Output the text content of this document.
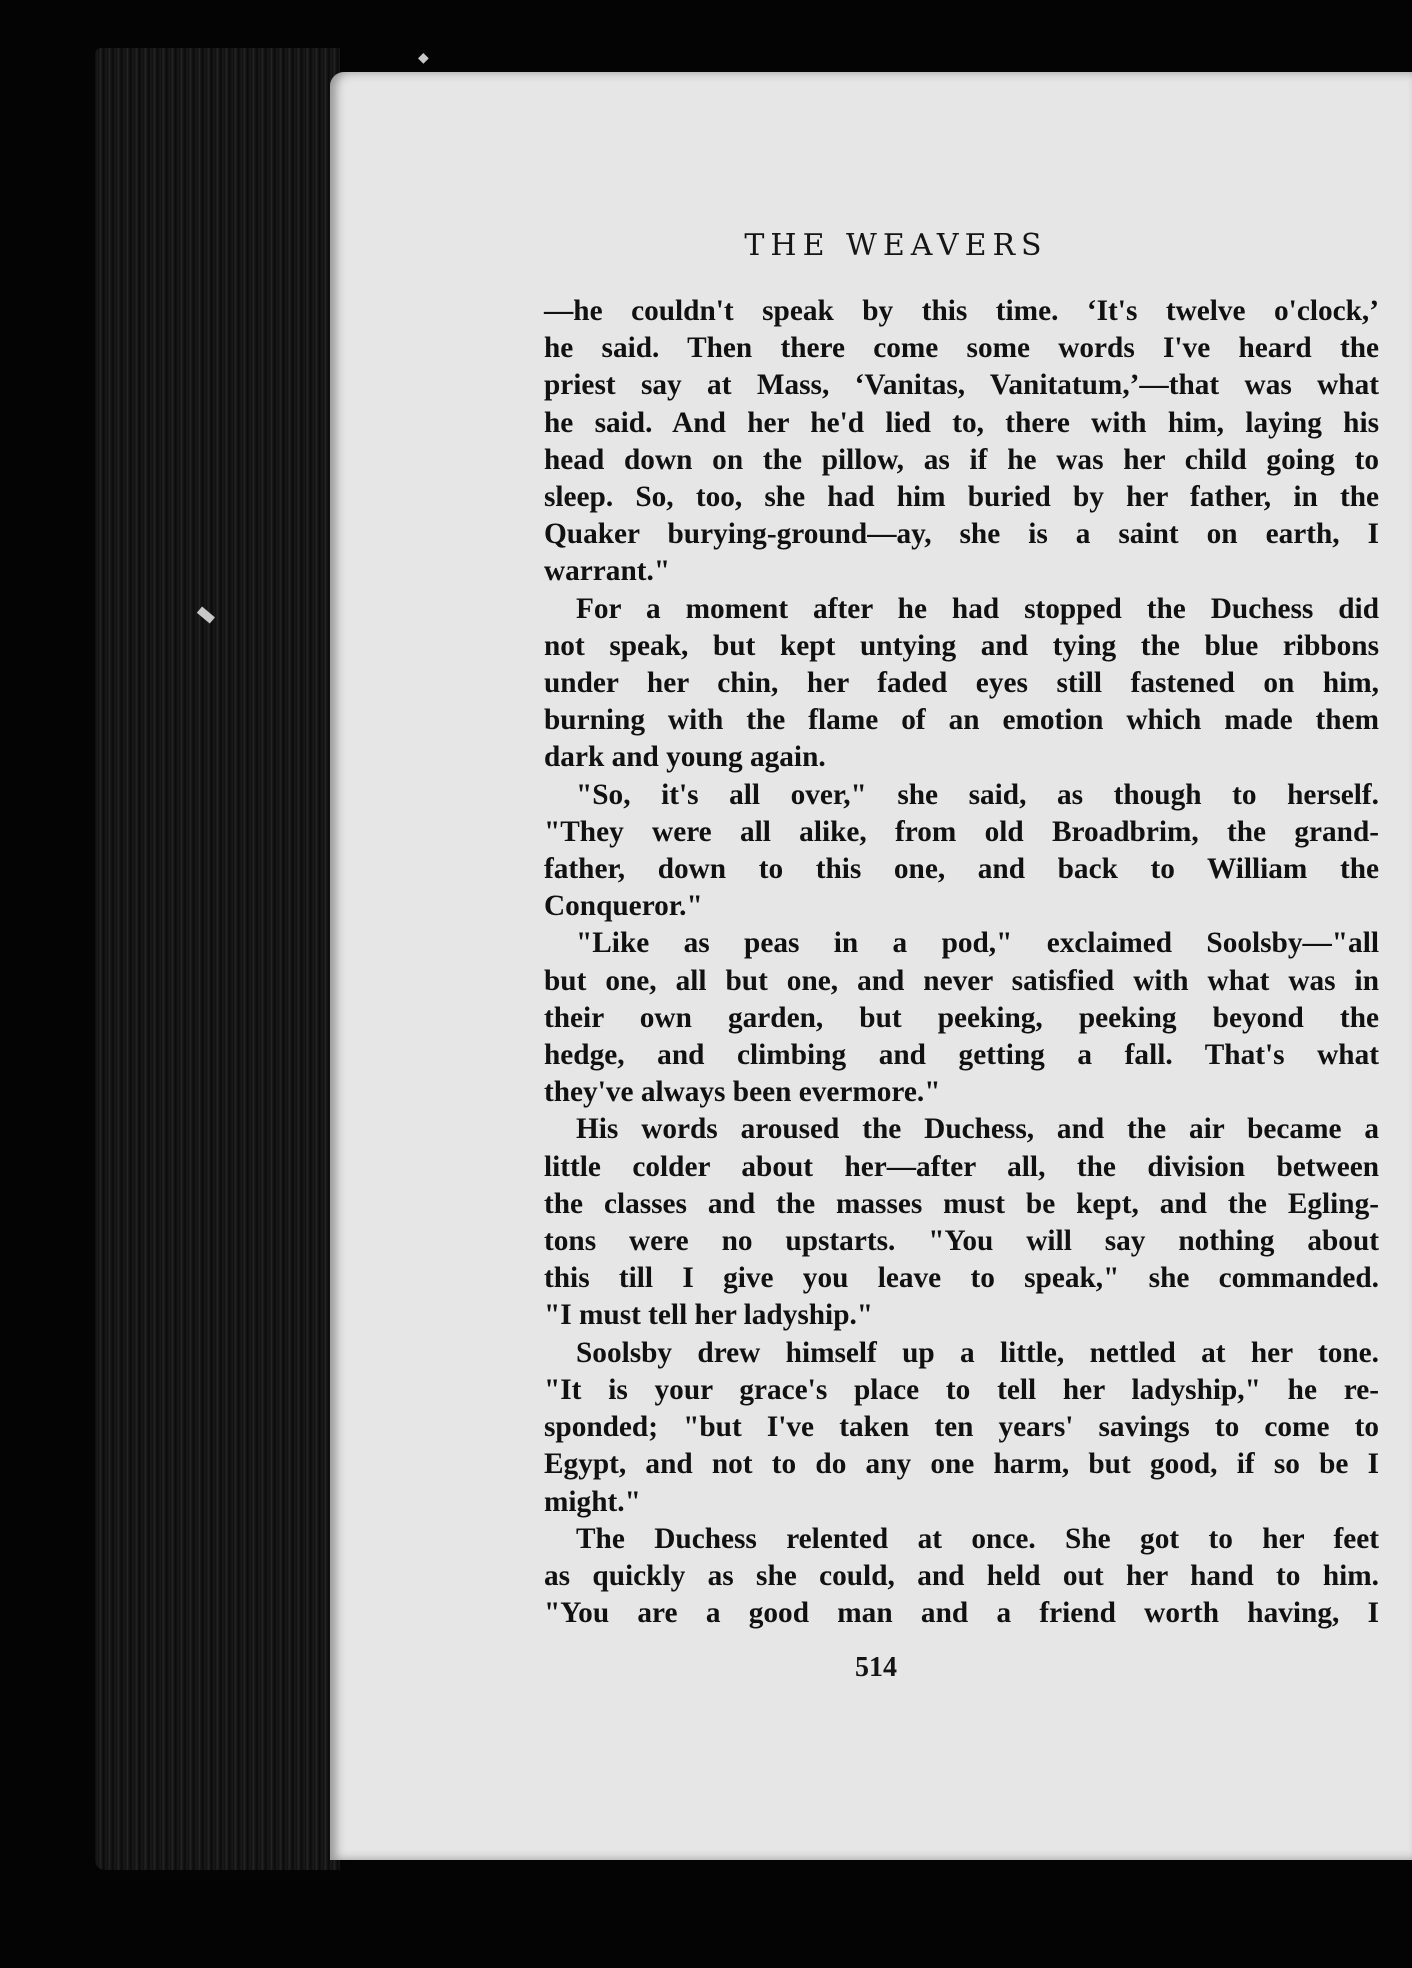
◆
▬
THE WEAVERS
—he couldn't speak by this time. ‘It's twelve o'clock,’
he said. Then there come some words I've heard the
priest say at Mass, ‘Vanitas, Vanitatum,’—that was what
he said. And her he'd lied to, there with him, laying his
head down on the pillow, as if he was her child going to
sleep. So, too, she had him buried by her father, in the
Quaker burying-ground—ay, she is a saint on earth, I
warrant."
For a moment after he had stopped the Duchess did
not speak, but kept untying and tying the blue ribbons
under her chin, her faded eyes still fastened on him,
burning with the flame of an emotion which made them
dark and young again.
"So, it's all over," she said, as though to herself.
"They were all alike, from old Broadbrim, the grand-
father, down to this one, and back to William the
Conqueror."
"Like as peas in a pod," exclaimed Soolsby—"all
but one, all but one, and never satisfied with what was in
their own garden, but peeking, peeking beyond the
hedge, and climbing and getting a fall. That's what
they've always been evermore."
His words aroused the Duchess, and the air became a
little colder about her—after all, the division between
the classes and the masses must be kept, and the Egling-
tons were no upstarts. "You will say nothing about
this till I give you leave to speak," she commanded.
"I must tell her ladyship."
Soolsby drew himself up a little, nettled at her tone.
"It is your grace's place to tell her ladyship," he re-
sponded; "but I've taken ten years' savings to come to
Egypt, and not to do any one harm, but good, if so be I
might."
The Duchess relented at once. She got to her feet
as quickly as she could, and held out her hand to him.
"You are a good man and a friend worth having, I
514
